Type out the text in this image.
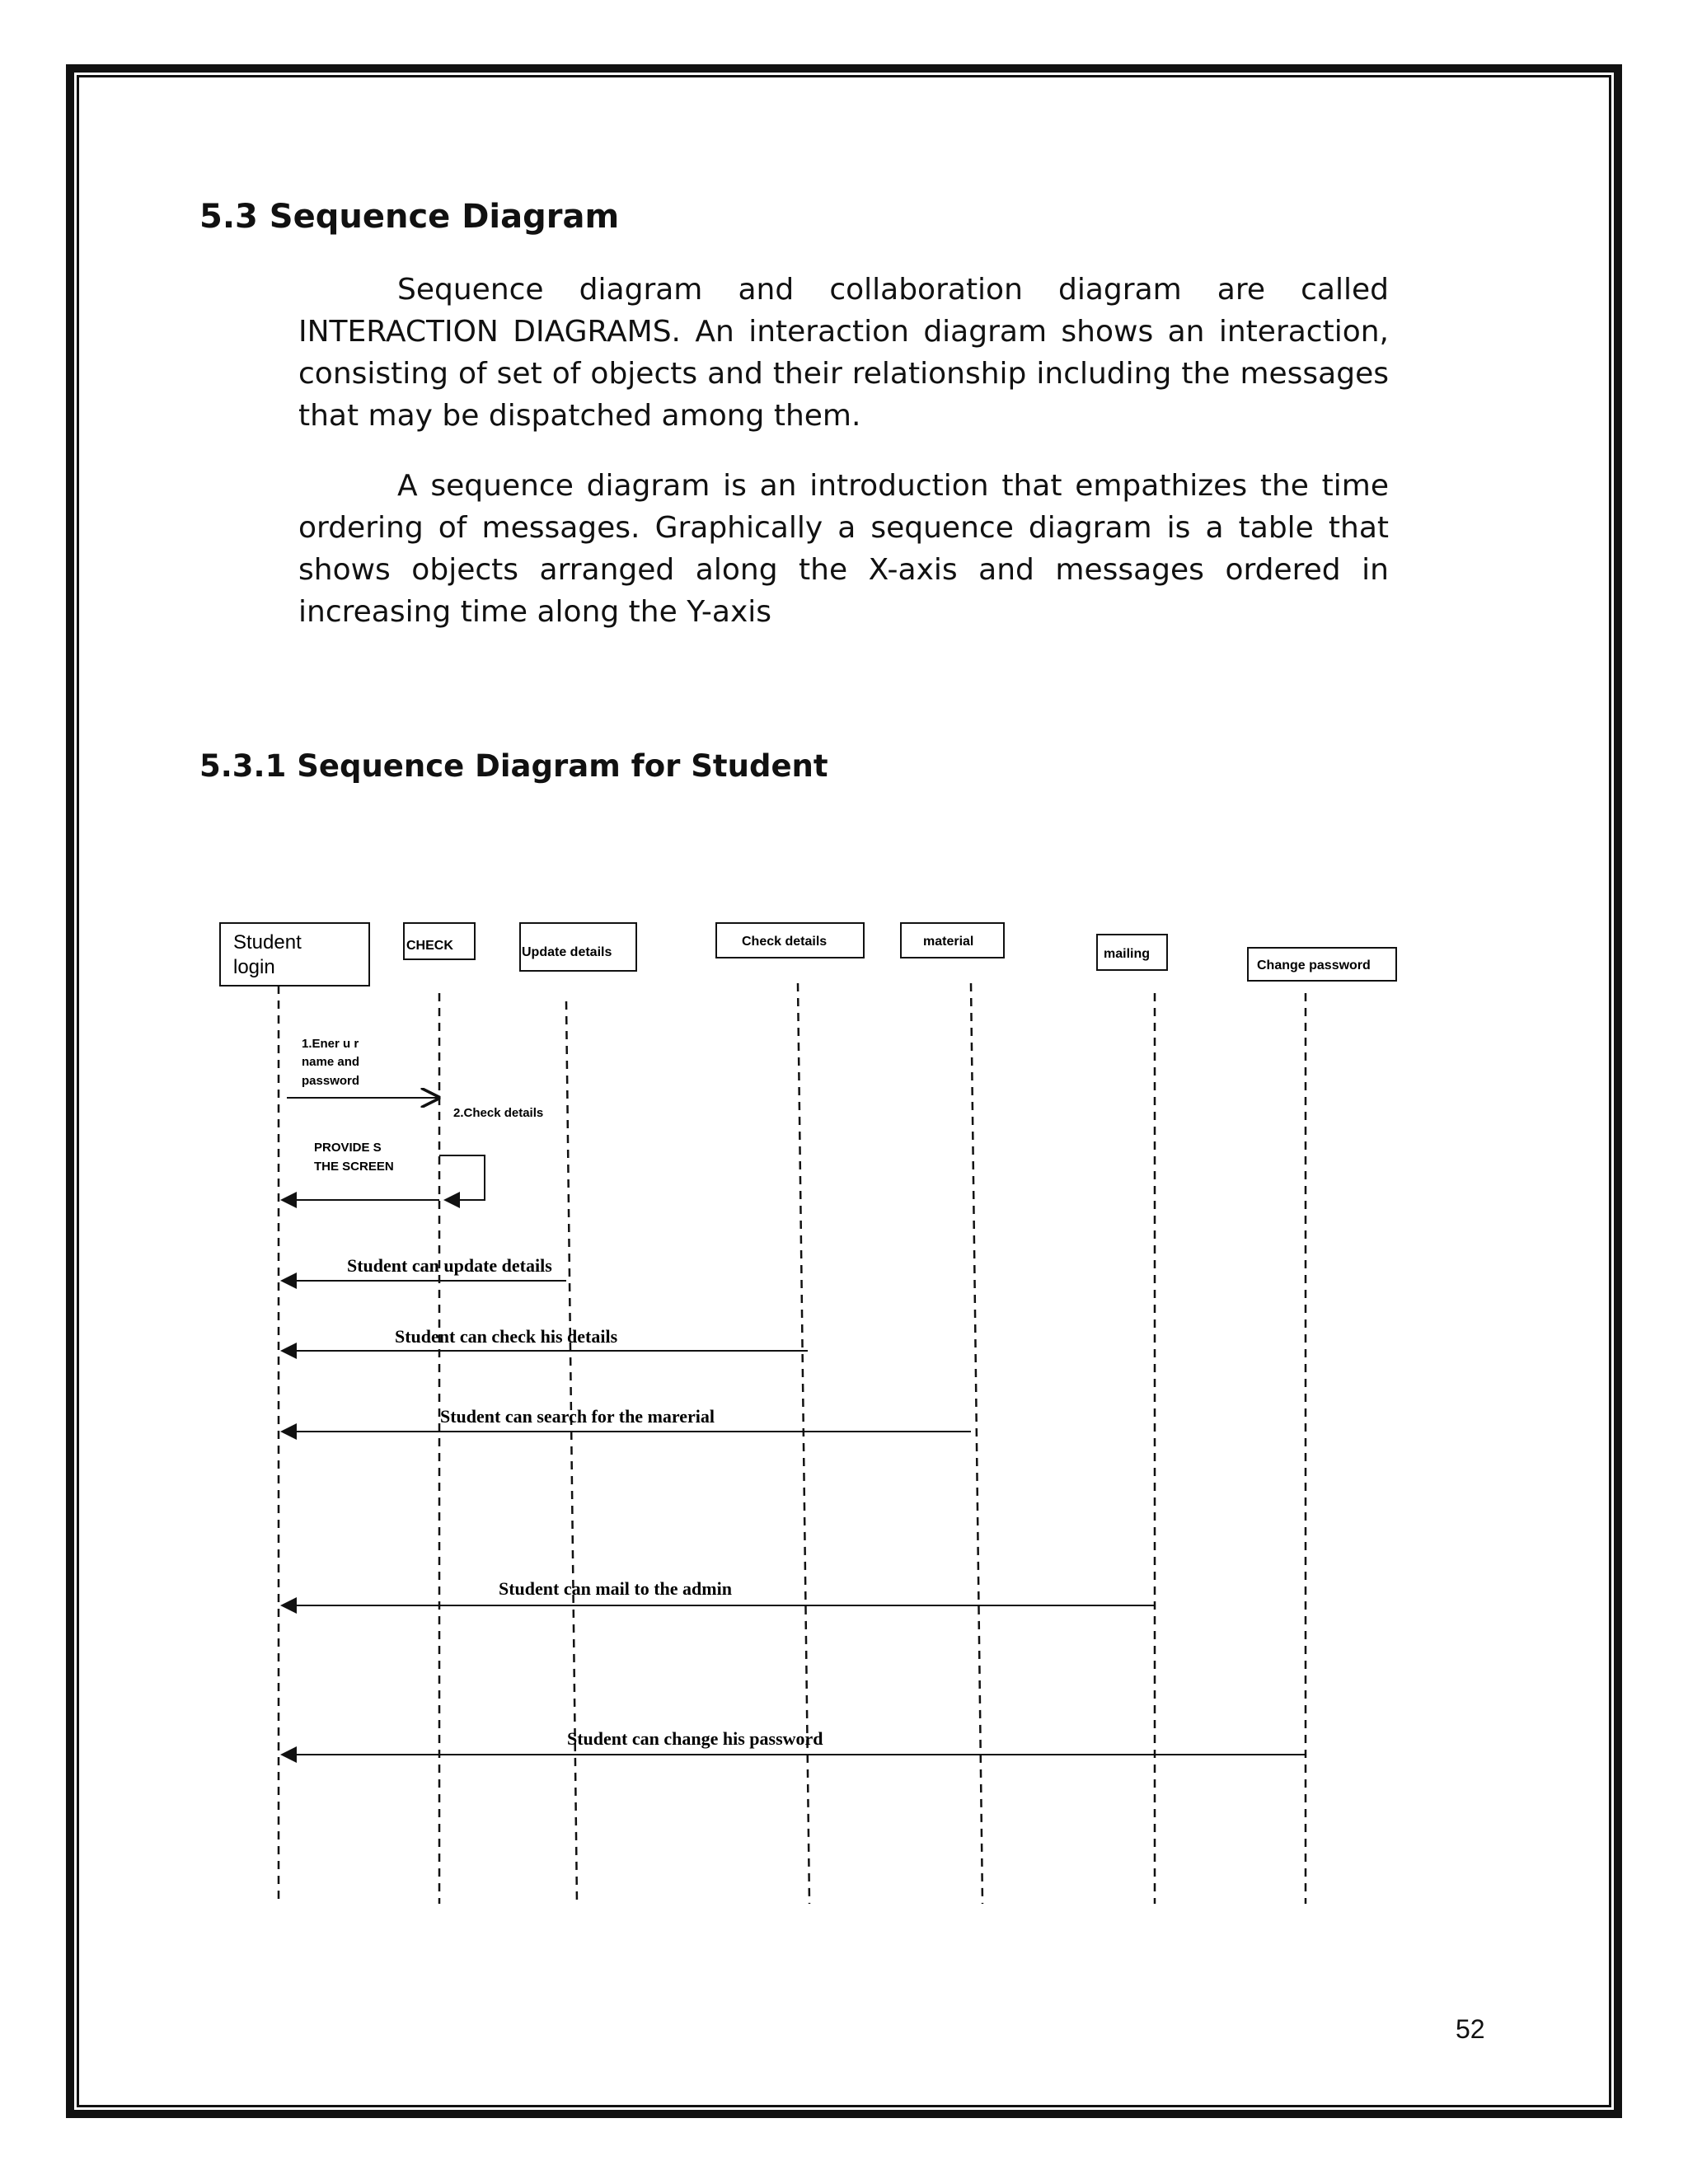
5.3 Sequence Diagram

Sequence diagram and collaboration diagram are called INTERACTION DIAGRAMS. An interaction diagram shows an interaction, consisting of set of objects and their relationship including the messages that may be dispatched among them.

A sequence diagram is an introduction that empathizes the time ordering of messages. Graphically a sequence diagram is a table that shows objects arranged along the X-axis and messages ordered in increasing time along the Y-axis

5.3.1 Sequence Diagram for Student
Student
login
CHECK	Update details
Check details	material
mailing
Change password
1.Ener u r
name and
password
2.Check details
PROVIDE S
THE SCREEN
Student can update details
Student can check his details
Student can search for the marerial
Student can mail to the admin
Student can change his password
52
